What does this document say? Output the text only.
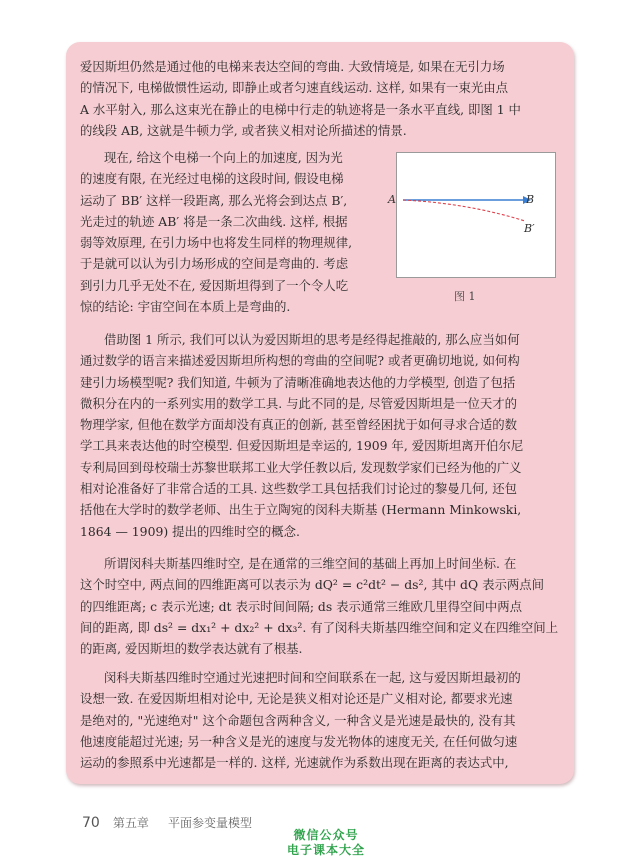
爱因斯坦仍然是通过他的电梯来表达空间的弯曲. 大致情境是, 如果在无引力场
的情况下, 电梯做惯性运动, 即静止或者匀速直线运动. 这样, 如果有一束光由点
A 水平射入, 那么这束光在静止的电梯中行走的轨迹将是一条水平直线, 即图 1 中
的线段 AB, 这就是牛顿力学, 或者狭义相对论所描述的情景.

现在, 给这个电梯一个向上的加速度, 因为光
的速度有限, 在光经过电梯的这段时间, 假设电梯
运动了 BB′ 这样一段距离, 那么光将会到达点 B′,
光走过的轨迹 AB′ 将是一条二次曲线. 这样, 根据
弱等效原理, 在引力场中也将发生同样的物理规律,
于是就可以认为引力场形成的空间是弯曲的. 考虑
到引力几乎无处不在, 爱因斯坦得到了一个令人吃
惊的结论: 宇宙空间在本质上是弯曲的.

A	B
B′
图 1

借助图 1 所示, 我们可以认为爱因斯坦的思考是经得起推敲的, 那么应当如何
通过数学的语言来描述爱因斯坦所构想的弯曲的空间呢? 或者更确切地说, 如何构
建引力场模型呢? 我们知道, 牛顿为了清晰准确地表达他的力学模型, 创造了包括
微积分在内的一系列实用的数学工具. 与此不同的是, 尽管爱因斯坦是一位天才的
物理学家, 但他在数学方面却没有真正的创新, 甚至曾经困扰于如何寻求合适的数
学工具来表达他的时空模型. 但爱因斯坦是幸运的, 1909 年, 爱因斯坦离开伯尔尼
专利局回到母校瑞士苏黎世联邦工业大学任教以后, 发现数学家们已经为他的广义
相对论准备好了非常合适的工具. 这些数学工具包括我们讨论过的黎曼几何, 还包
括他在大学时的数学老师、出生于立陶宛的闵科夫斯基 (Hermann Minkowski,
1864 — 1909) 提出的四维时空的概念.

所谓闵科夫斯基四维时空, 是在通常的三维空间的基础上再加上时间坐标. 在
这个时空中, 两点间的四维距离可以表示为 dQ² = c²dt² − ds², 其中 dQ 表示两点间
的四维距离; c 表示光速; dt 表示时间间隔; ds 表示通常三维欧几里得空间中两点
间的距离, 即 ds² = dx₁² + dx₂² + dx₃². 有了闵科夫斯基四维空间和定义在四维空间上
的距离, 爱因斯坦的数学表达就有了根基.

闵科夫斯基四维时空通过光速把时间和空间联系在一起, 这与爱因斯坦最初的
设想一致. 在爱因斯坦相对论中, 无论是狭义相对论还是广义相对论, 都要求光速
是绝对的, "光速绝对" 这个命题包含两种含义, 一种含义是光速是最快的, 没有其
他速度能超过光速; 另一种含义是光的速度与发光物体的速度无关, 在任何做匀速
运动的参照系中光速都是一样的. 这样, 光速就作为系数出现在距离的表达式中,

70 第五章 平面参变量模型
微信公众号
电子课本大全
